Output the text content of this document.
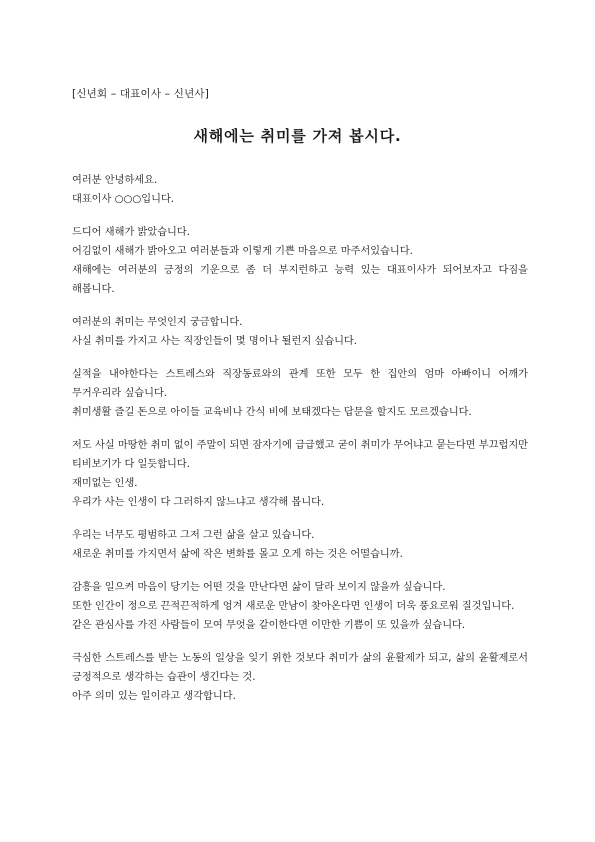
[신년회 – 대표이사 – 신년사]
새해에는 취미를 가져 봅시다.
여러분 안녕하세요.
대표이사 ○○○입니다.
드디어 새해가 밝았습니다.
어김없이 새해가 밝아오고 여러분들과 이렇게 기쁜 마음으로 마주서있습니다.
새해에는 여러분의 긍정의 기운으로 좀 더 부지런하고 능력 있는 대표이사가 되어보자고 다짐을 해봅니다.
여러분의 취미는 무엇인지 궁금합니다.
사실 취미를 가지고 사는 직장인들이 몇 명이나 될런지 싶습니다.
실적을 내야한다는 스트레스와 직장동료와의 관계 또한 모두 한 집안의 엄마 아빠이니 어깨가 무거우리라 싶습니다.
취미생활 즐길 돈으로 아이들 교육비나 간식 비에 보태겠다는 답문을 할지도 모르겠습니다.
저도 사실 마땅한 취미 없이 주말이 되면 잠자기에 급급했고 굳이 취미가 무어냐고 묻는다면 부끄럽지만 티비보기가 다 일듯합니다.
재미없는 인생.
우리가 사는 인생이 다 그러하지 않느냐고 생각해 봅니다.
우리는 너무도 평범하고 그저 그런 삶을 살고 있습니다.
새로운 취미를 가지면서 삶에 작은 변화를 몰고 오게 하는 것은 어떨습니까.
감흥을 일으켜 마음이 당기는 어떤 것을 만난다면 삶이 달라 보이지 않을까 싶습니다.
또한 인간이 정으로 끈적끈적하게 엉겨 새로운 만남이 찾아온다면 인생이 더욱 풍요로워 질것입니다.
같은 관심사를 가진 사람들이 모여 무엇을 같이한다면 이만한 기쁨이 또 있을까 싶습니다.
극심한 스트레스를 받는 노동의 일상을 잊기 위한 것보다 취미가 삶의 윤활제가 되고, 삶의 윤활제로서 긍정적으로 생각하는 습관이 생긴다는 것.
아주 의미 있는 일이라고 생각합니다.
